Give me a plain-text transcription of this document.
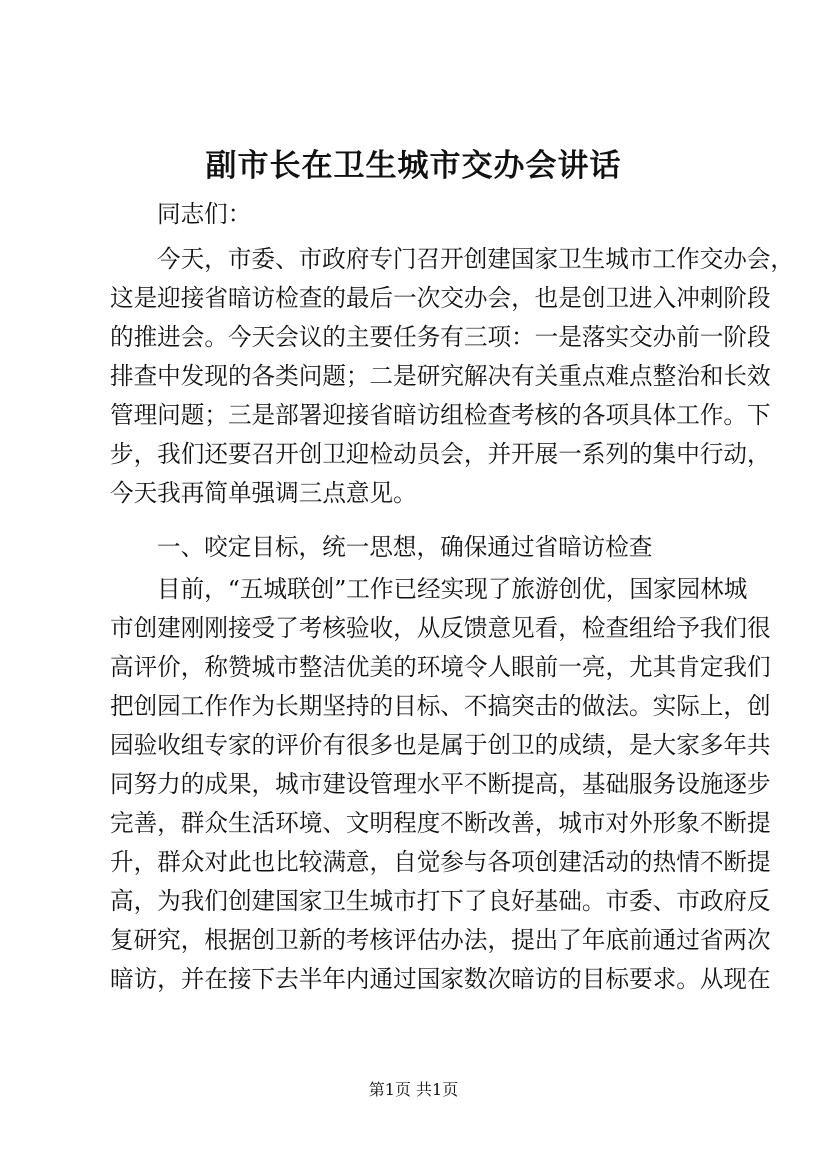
副市长在卫生城市交办会讲话
同志们：
今天，市委、市政府专门召开创建国家卫生城市工作交办会，
这是迎接省暗访检查的最后一次交办会，也是创卫进入冲刺阶段
的推进会。今天会议的主要任务有三项：一是落实交办前一阶段
排查中发现的各类问题；二是研究解决有关重点难点整治和长效
管理问题；三是部署迎接省暗访组检查考核的各项具体工作。下
步，我们还要召开创卫迎检动员会，并开展一系列的集中行动，
今天我再简单强调三点意见。
一、咬定目标，统一思想，确保通过省暗访检查
目前，“五城联创”工作已经实现了旅游创优，国家园林城
市创建刚刚接受了考核验收，从反馈意见看，检查组给予我们很
高评价，称赞城市整洁优美的环境令人眼前一亮，尤其肯定我们
把创园工作作为长期坚持的目标、不搞突击的做法。实际上，创
园验收组专家的评价有很多也是属于创卫的成绩，是大家多年共
同努力的成果，城市建设管理水平不断提高，基础服务设施逐步
完善，群众生活环境、文明程度不断改善，城市对外形象不断提
升，群众对此也比较满意，自觉参与各项创建活动的热情不断提
高，为我们创建国家卫生城市打下了良好基础。市委、市政府反
复研究，根据创卫新的考核评估办法，提出了年底前通过省两次
暗访，并在接下去半年内通过国家数次暗访的目标要求。从现在
第1页 共1页
